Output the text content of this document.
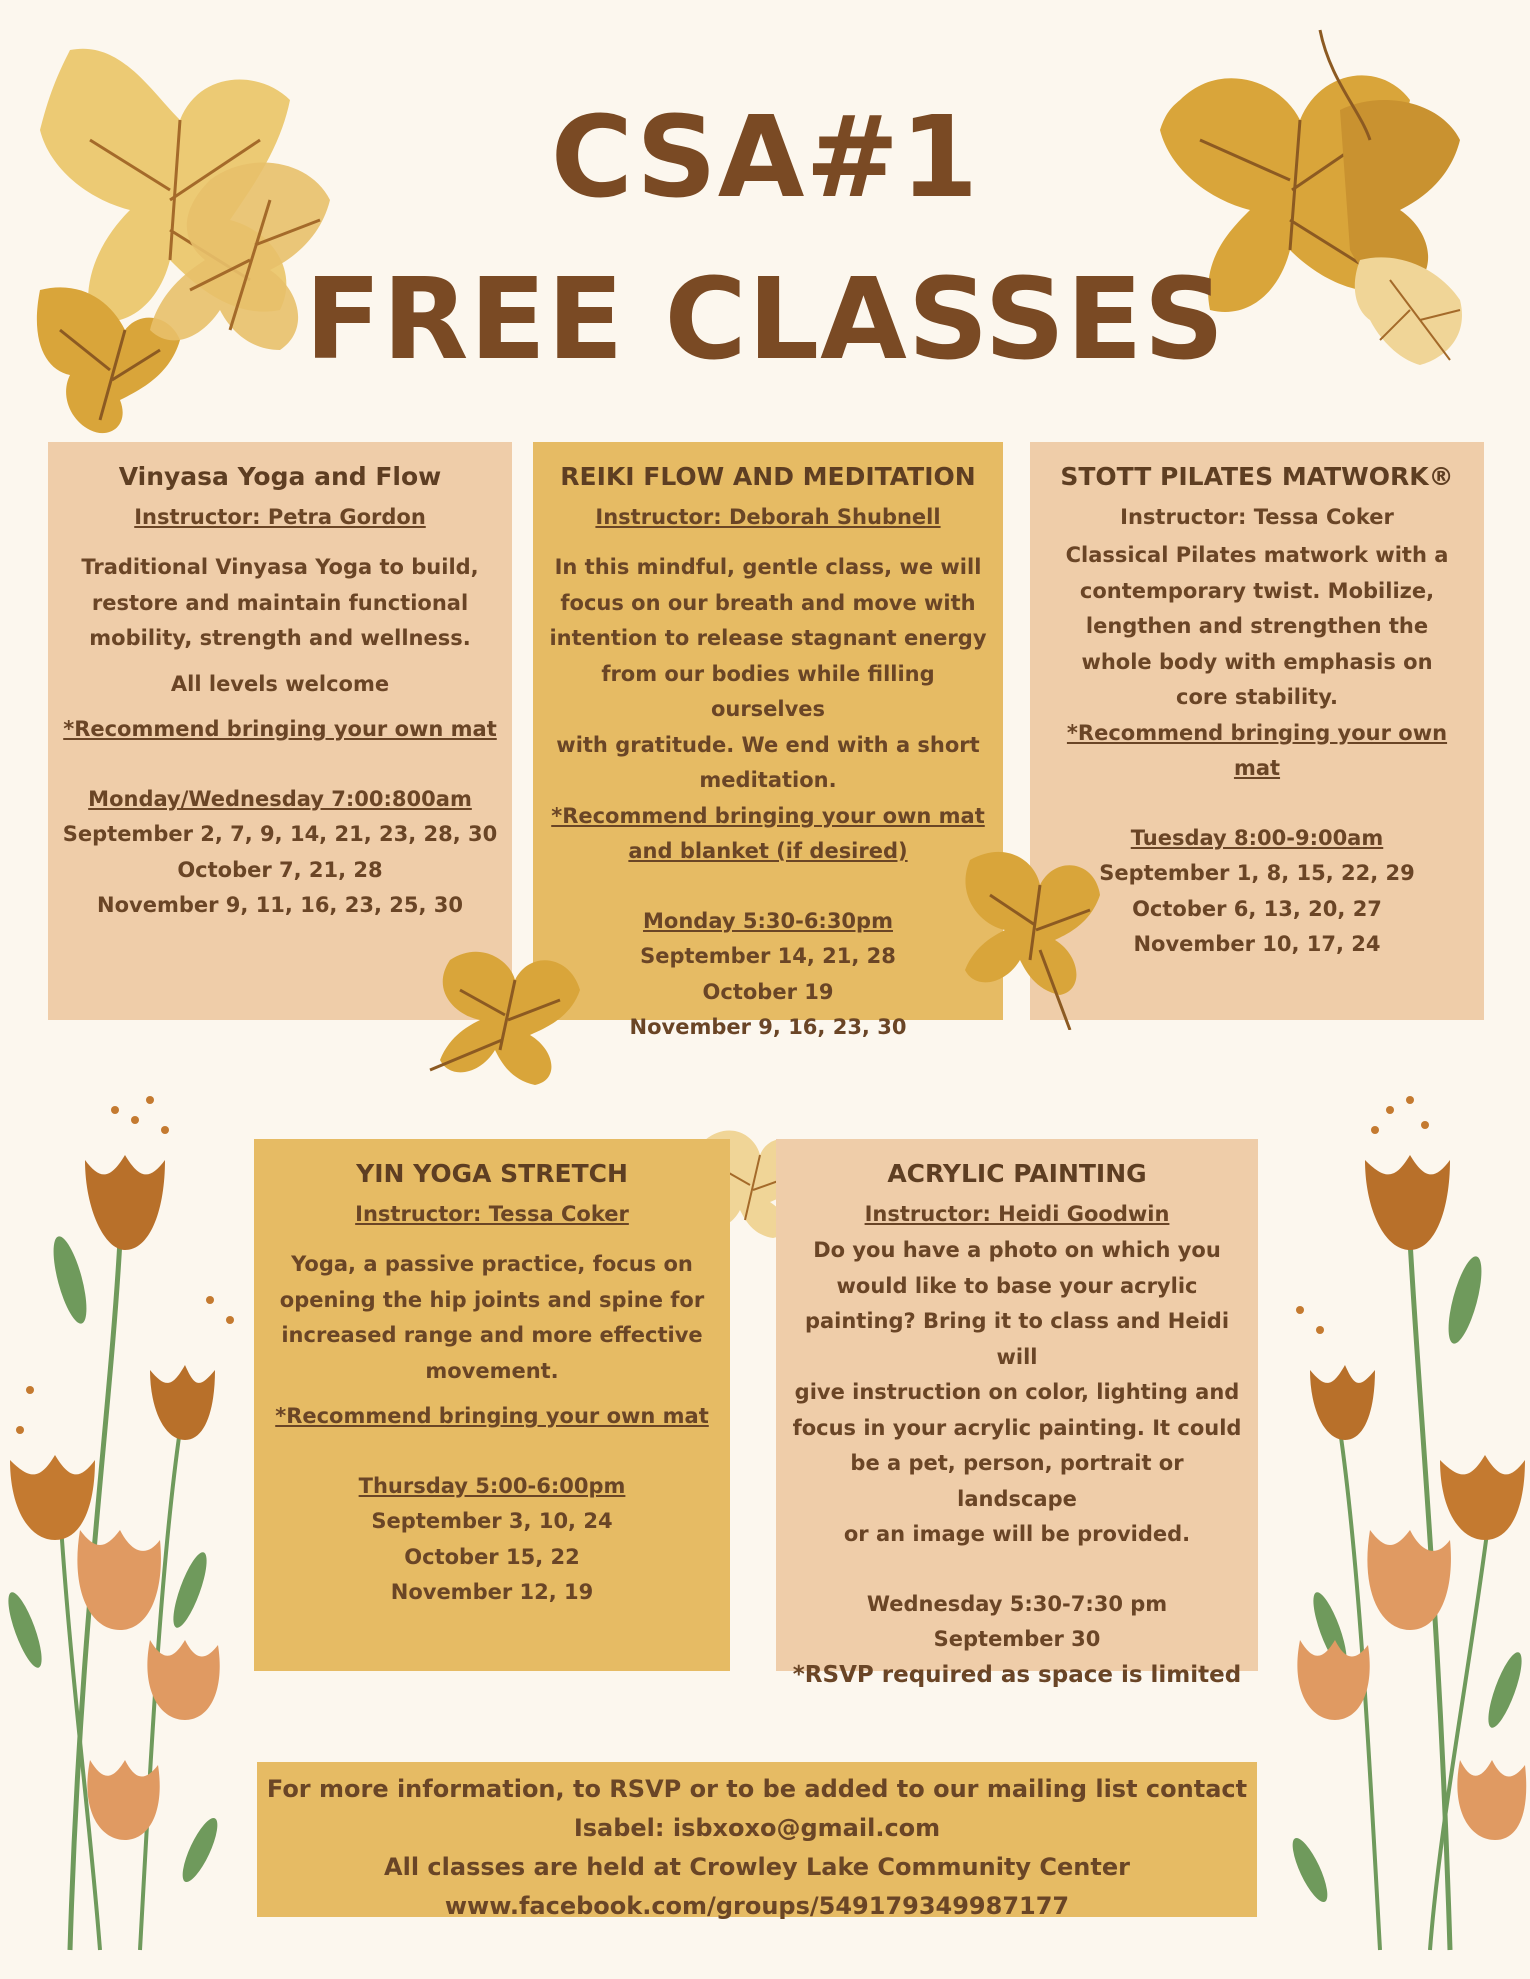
CSA#1
FREE CLASSES
Vinyasa Yoga and Flow
Instructor: Petra Gordon

Traditional Vinyasa Yoga to build,

restore and maintain functional

mobility, strength and wellness.

All levels welcome

*Recommend bringing your own mat

Monday/Wednesday 7:00:800am

September 2, 7, 9, 14, 21, 23, 28, 30

October 7, 21, 28

November 9, 11, 16, 23, 25, 30

REIKI FLOW AND MEDITATION
Instructor: Deborah Shubnell

In this mindful, gentle class, we will

focus on our breath and move with

intention to release stagnant energy

from our bodies while filling ourselves

with gratitude. We end with a short

meditation.

*Recommend bringing your own mat

and blanket (if desired)

Monday 5:30-6:30pm

September 14, 21, 28

October 19

November 9, 16, 23, 30

STOTT PILATES MATWORK®
Instructor: Tessa Coker

Classical Pilates matwork with a

contemporary twist. Mobilize,

lengthen and strengthen the

whole body with emphasis on

core stability.

*Recommend bringing your own mat

Tuesday 8:00-9:00am

September 1, 8, 15, 22, 29

October 6, 13, 20, 27

November 10, 17, 24

YIN YOGA STRETCH
Instructor: Tessa Coker

Yoga, a passive practice, focus on

opening the hip joints and spine for

increased range and more effective

movement.

*Recommend bringing your own mat

Thursday 5:00-6:00pm

September 3, 10, 24

October 15, 22

November 12, 19

ACRYLIC PAINTING
Instructor: Heidi Goodwin

Do you have a photo on which you

would like to base your acrylic

painting? Bring it to class and Heidi will

give instruction on color, lighting and

focus in your acrylic painting. It could

be a pet, person, portrait or landscape

or an image will be provided.

Wednesday 5:30-7:30 pm

September 30

*RSVP required as space is limited

For more information, to RSVP or to be added to our mailing list contact

Isabel: isbxoxo@gmail.com

All classes are held at Crowley Lake Community Center

www.facebook.com/groups/549179349987177
